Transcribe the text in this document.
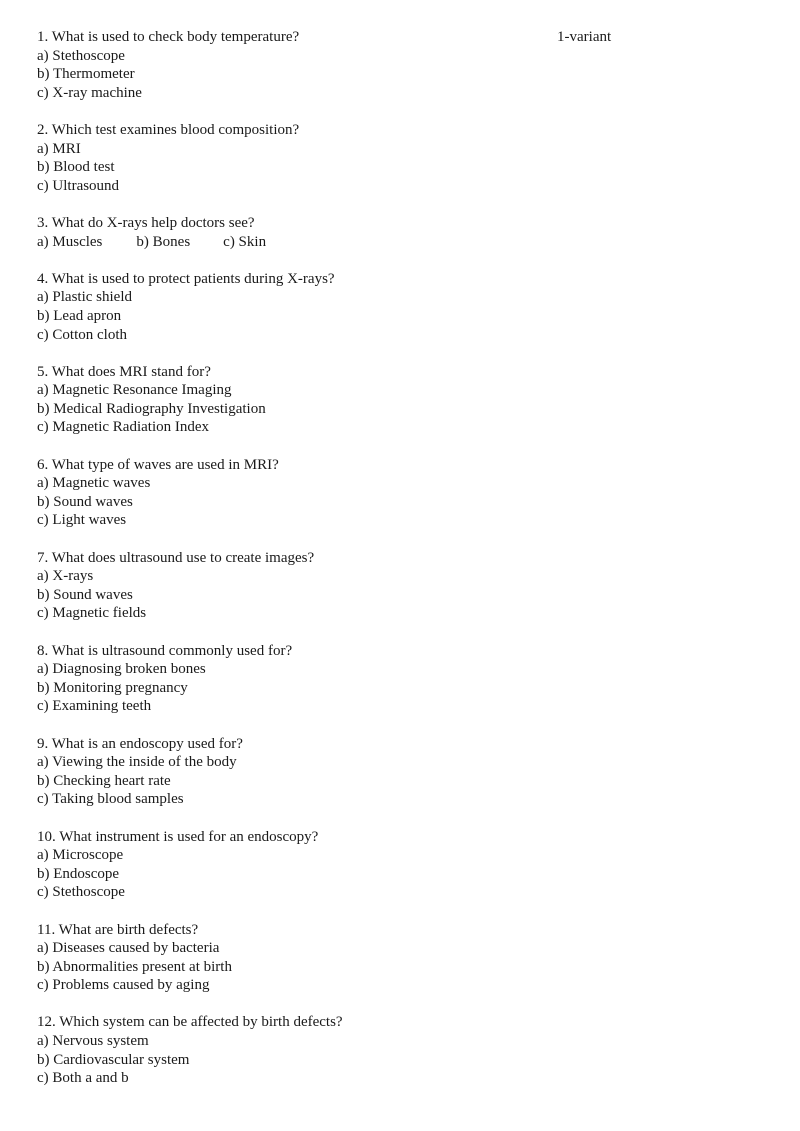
1-variant
1. What is used to check body temperature?
a) Stethoscope
b) Thermometer
c) X-ray machine
2. Which test examines blood composition?
a) MRI
b) Blood test
c) Ultrasound
3. What do X-rays help doctors see?
a) Muscles b) Bones c) Skin
4. What is used to protect patients during X-rays?
a) Plastic shield
b) Lead apron
c) Cotton cloth
5. What does MRI stand for?
a) Magnetic Resonance Imaging
b) Medical Radiography Investigation
c) Magnetic Radiation Index
6. What type of waves are used in MRI?
a) Magnetic waves
b) Sound waves
c) Light waves
7. What does ultrasound use to create images?
a) X-rays
b) Sound waves
c) Magnetic fields
8. What is ultrasound commonly used for?
a) Diagnosing broken bones
b) Monitoring pregnancy
c) Examining teeth
9. What is an endoscopy used for?
a) Viewing the inside of the body
b) Checking heart rate
c) Taking blood samples
10. What instrument is used for an endoscopy?
a) Microscope
b) Endoscope
c) Stethoscope
11. What are birth defects?
a) Diseases caused by bacteria
b) Abnormalities present at birth
c) Problems caused by aging
12. Which system can be affected by birth defects?
a) Nervous system
b) Cardiovascular system
c) Both a and b
